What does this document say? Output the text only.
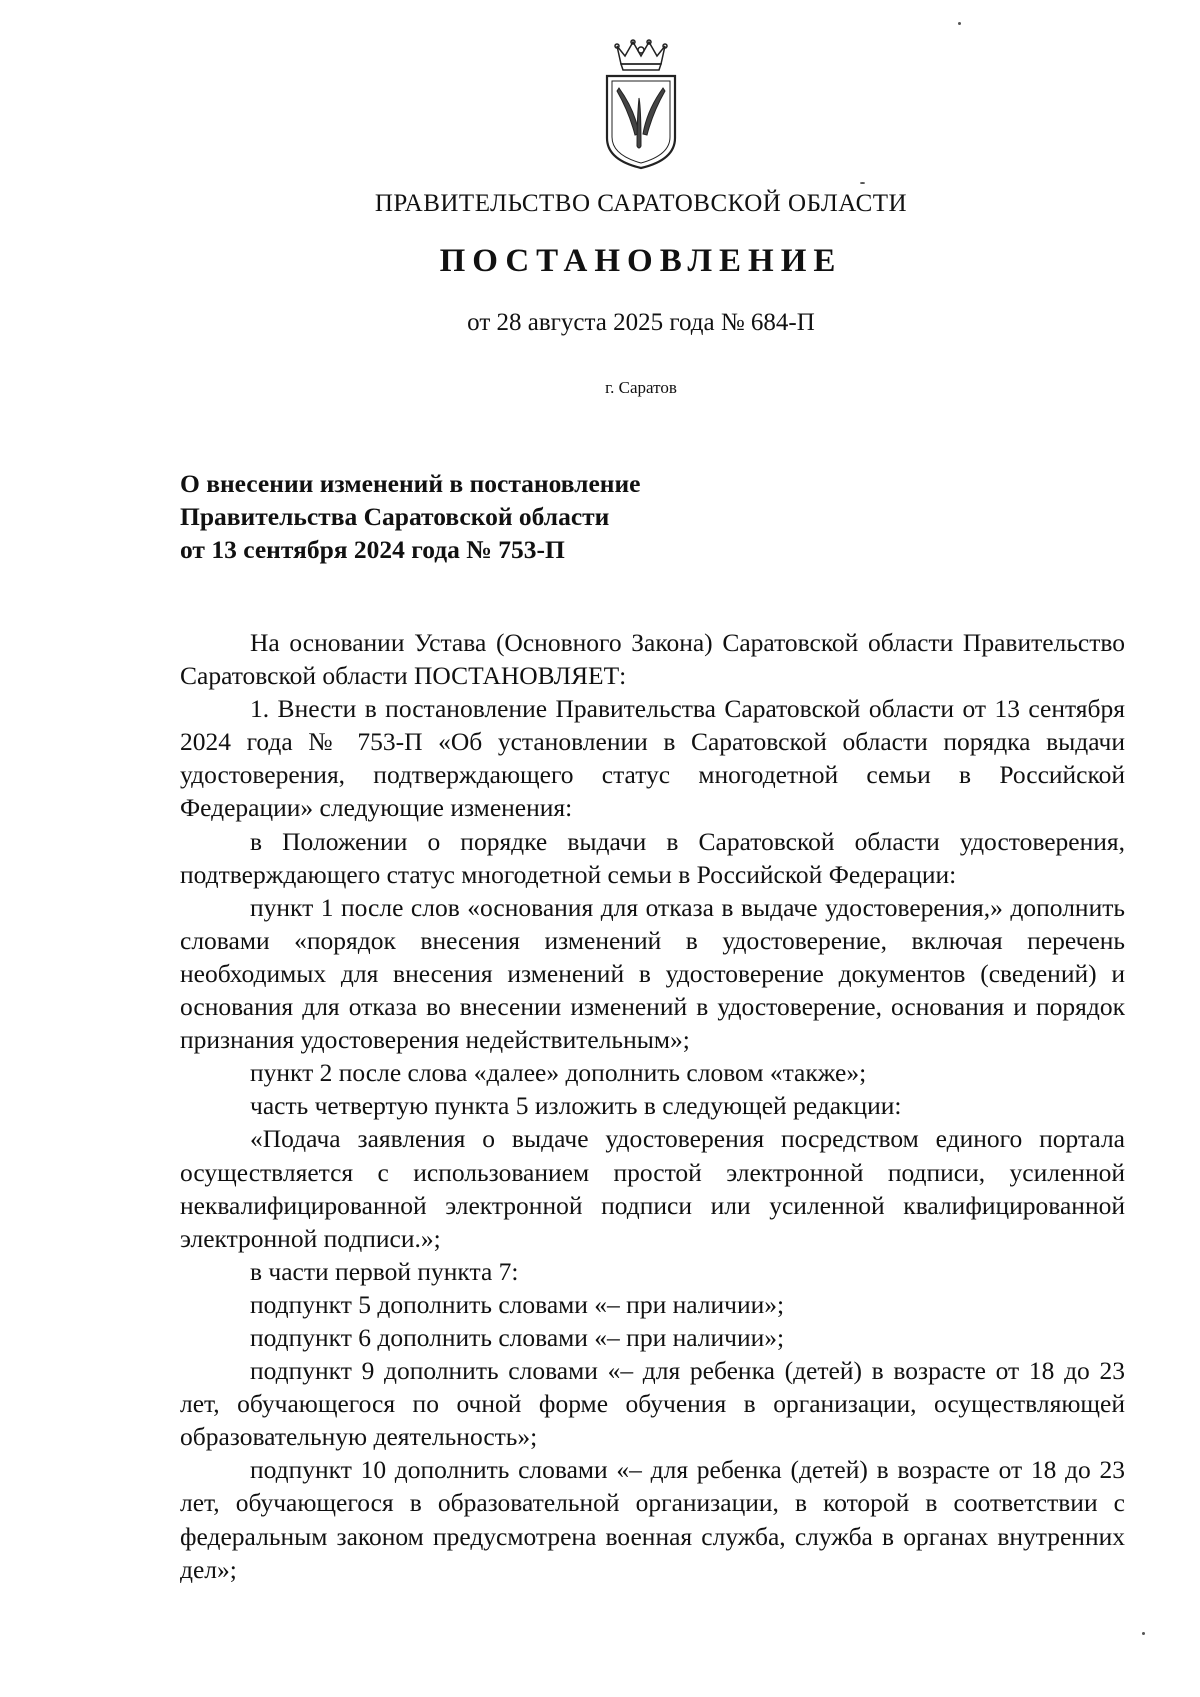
ПРАВИТЕЛЬСТВО САРАТОВСКОЙ ОБЛАСТИ
ПОСТАНОВЛЕНИЕ
от 28 августа 2025 года № 684-П
г. Саратов
О внесении изменений в постановление
Правительства Саратовской области
от 13 сентября 2024 года № 753-П

На основании Устава (Основного Закона) Саратовской области Правительство Саратовской области ПОСТАНОВЛЯЕТ:

1. Внести в постановление Правительства Саратовской области от 13 сентября 2024 года № 753-П «Об установлении в Саратовской области порядка выдачи удостоверения, подтверждающего статус многодетной семьи в Российской Федерации» следующие изменения:

в Положении о порядке выдачи в Саратовской области удостоверения, подтверждающего статус многодетной семьи в Российской Федерации:

пункт 1 после слов «основания для отказа в выдаче удостоверения,» дополнить словами «порядок внесения изменений в удостоверение, включая перечень необходимых для внесения изменений в удостоверение документов (сведений) и основания для отказа во внесении изменений в удостоверение, основания и порядок признания удостоверения недействительным»;

пункт 2 после слова «далее» дополнить словом «также»;

часть четвертую пункта 5 изложить в следующей редакции:

«Подача заявления о выдаче удостоверения посредством единого портала осуществляется с использованием простой электронной подписи, усиленной неквалифицированной электронной подписи или усиленной квалифицированной электронной подписи.»;

в части первой пункта 7:

подпункт 5 дополнить словами «– при наличии»;

подпункт 6 дополнить словами «– при наличии»;

подпункт 9 дополнить словами «– для ребенка (детей) в возрасте от 18 до 23 лет, обучающегося по очной форме обучения в организации, осуществляющей образовательную деятельность»;

подпункт 10 дополнить словами «– для ребенка (детей) в возрасте от 18 до 23 лет, обучающегося в образовательной организации, в которой в соответствии с федеральным законом предусмотрена военная служба, служба в органах внутренних дел»;
